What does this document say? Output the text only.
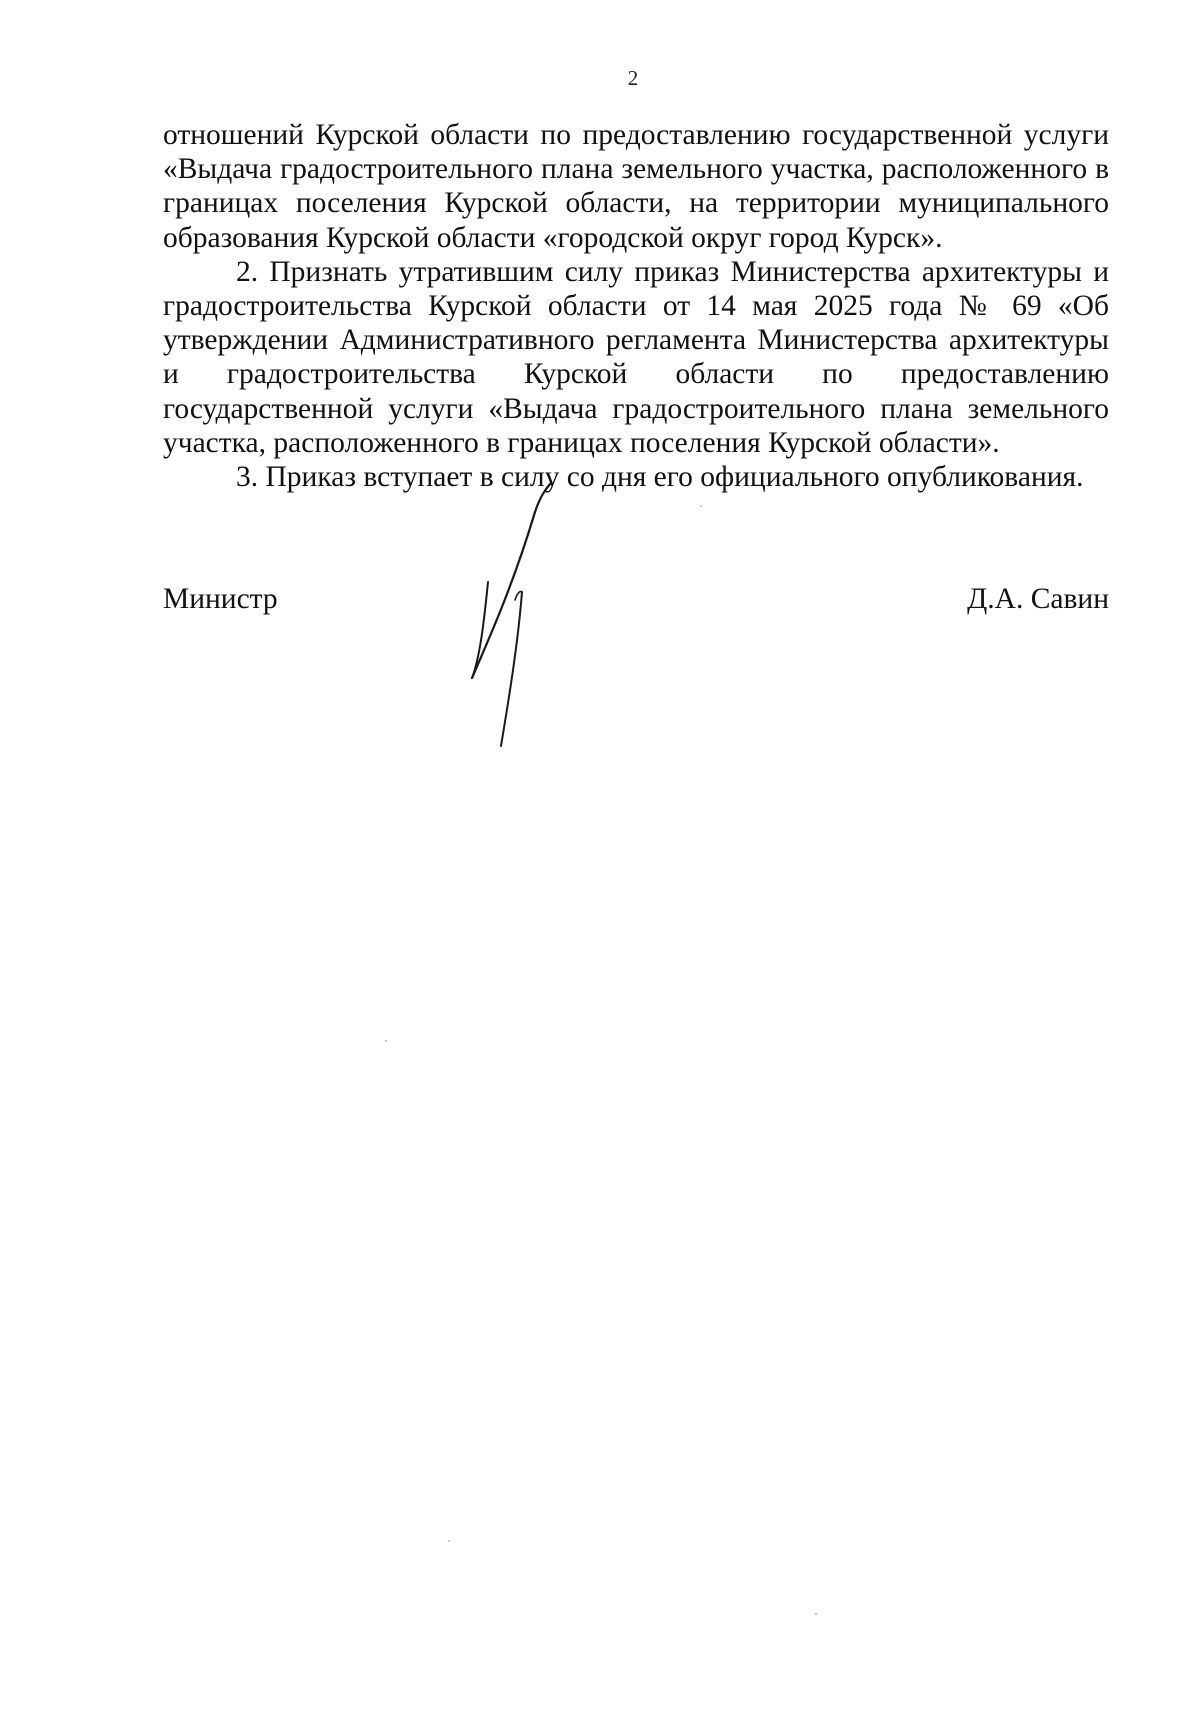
2

отношений Курской области по предоставлению государственной услуги «Выдача градостроительного плана земельного участка, расположенного в границах поселения Курской области, на территории муниципального образования Курской области «городской округ город Курск».

2. Признать утратившим силу приказ Министерства архитектуры и градостроительства Курской области от 14 мая 2025 года № 69 «Об утверждении Административного регламента Министерства архитектуры и градостроительства Курской области по предоставлению государственной услуги «Выдача градостроительного плана земельного участка, расположенного в границах поселения Курской области».

3. Приказ вступает в силу со дня его официального опубликования.

Министр	Д.А. Савин
